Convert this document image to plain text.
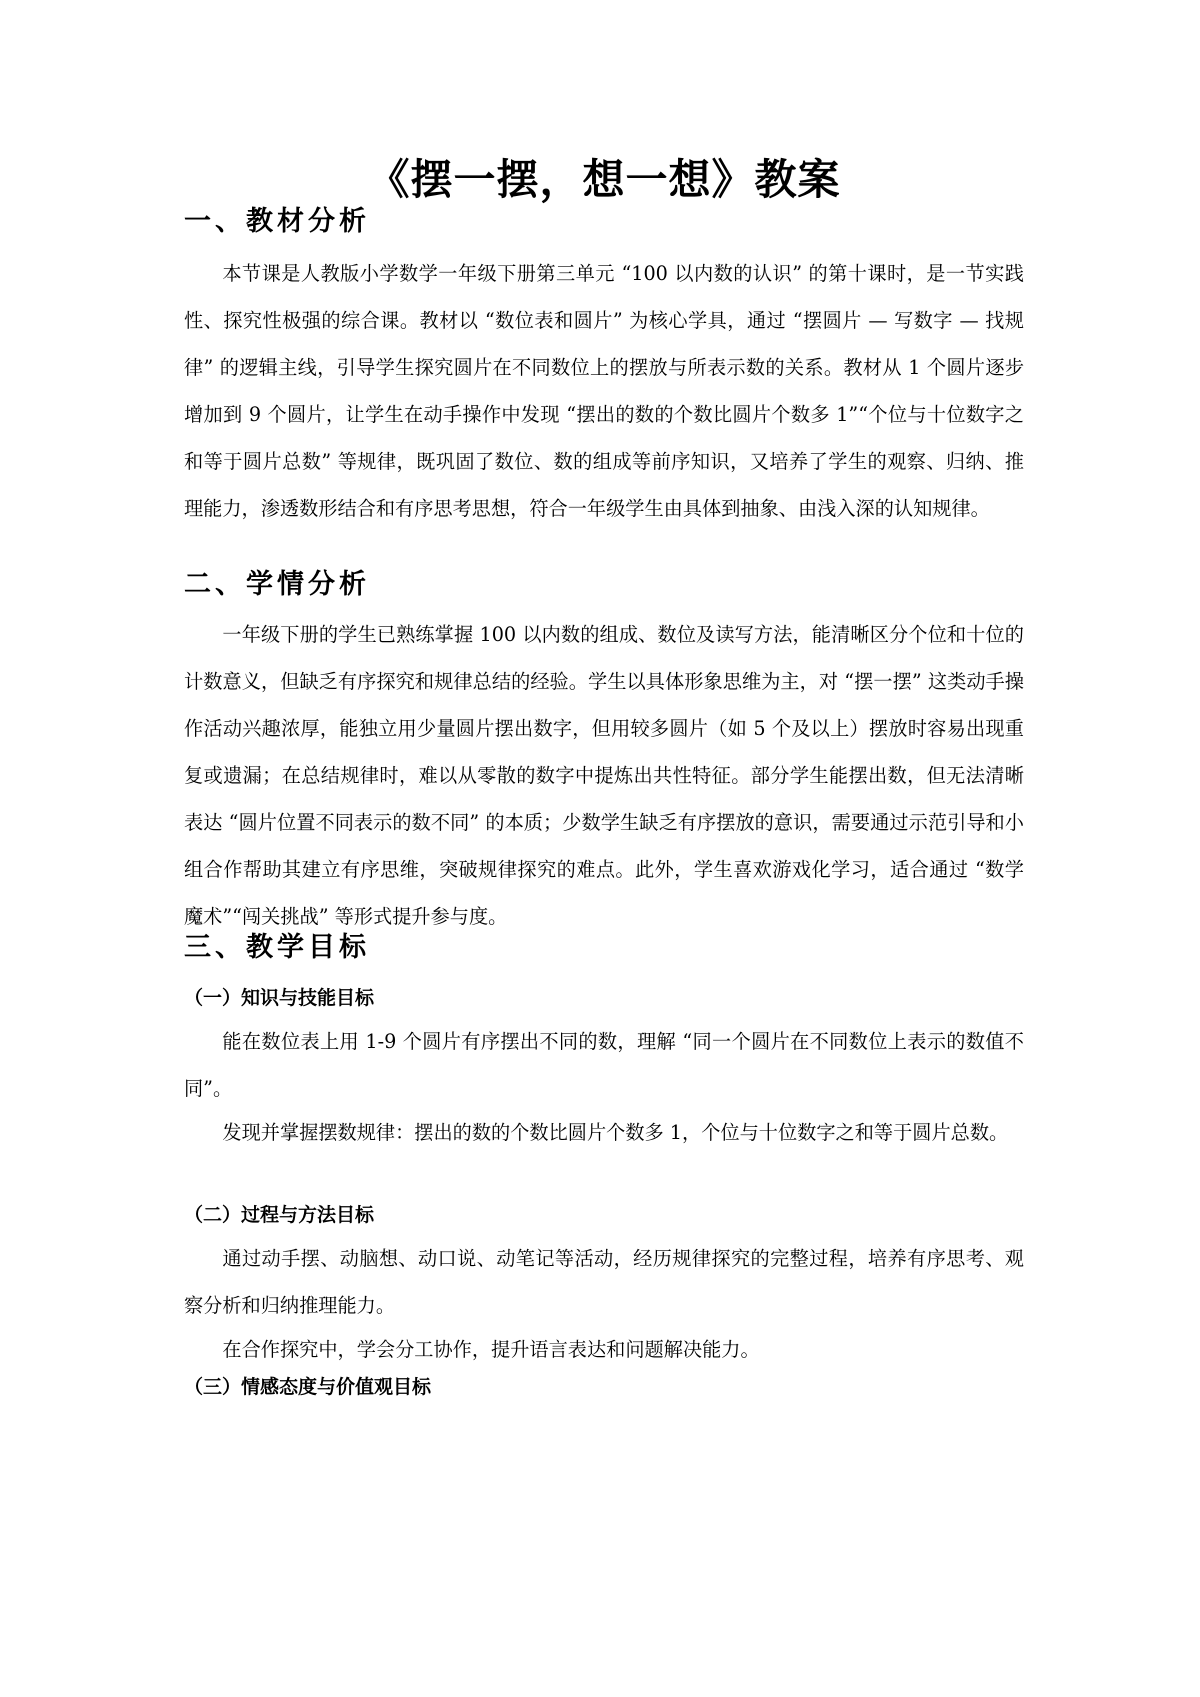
《摆一摆，想一想》教案
一、教材分析

本节课是人教版小学数学一年级下册第三单元 “100 以内数的认识” 的第十课时，是一节实践性、探究性极强的综合课。教材以 “数位表和圆片” 为核心学具，通过 “摆圆片 — 写数字 — 找规律” 的逻辑主线，引导学生探究圆片在不同数位上的摆放与所表示数的关系。教材从 1 个圆片逐步增加到 9 个圆片，让学生在动手操作中发现 “摆出的数的个数比圆片个数多 1”“个位与十位数字之和等于圆片总数” 等规律，既巩固了数位、数的组成等前序知识，又培养了学生的观察、归纳、推理能力，渗透数形结合和有序思考思想，符合一年级学生由具体到抽象、由浅入深的认知规律。

二、学情分析

一年级下册的学生已熟练掌握 100 以内数的组成、数位及读写方法，能清晰区分个位和十位的计数意义，但缺乏有序探究和规律总结的经验。学生以具体形象思维为主，对 “摆一摆” 这类动手操作活动兴趣浓厚，能独立用少量圆片摆出数字，但用较多圆片（如 5 个及以上）摆放时容易出现重复或遗漏；在总结规律时，难以从零散的数字中提炼出共性特征。部分学生能摆出数，但无法清晰表达 “圆片位置不同表示的数不同” 的本质；少数学生缺乏有序摆放的意识，需要通过示范引导和小组合作帮助其建立有序思维，突破规律探究的难点。此外，学生喜欢游戏化学习，适合通过 “数学魔术”“闯关挑战” 等形式提升参与度。

三、教学目标
（一）知识与技能目标

能在数位表上用 1-9 个圆片有序摆出不同的数，理解 “同一个圆片在不同数位上表示的数值不同”。

发现并掌握摆数规律：摆出的数的个数比圆片个数多 1，个位与十位数字之和等于圆片总数。

（二）过程与方法目标

通过动手摆、动脑想、动口说、动笔记等活动，经历规律探究的完整过程，培养有序思考、观察分析和归纳推理能力。

在合作探究中，学会分工协作，提升语言表达和问题解决能力。

（三）情感态度与价值观目标
